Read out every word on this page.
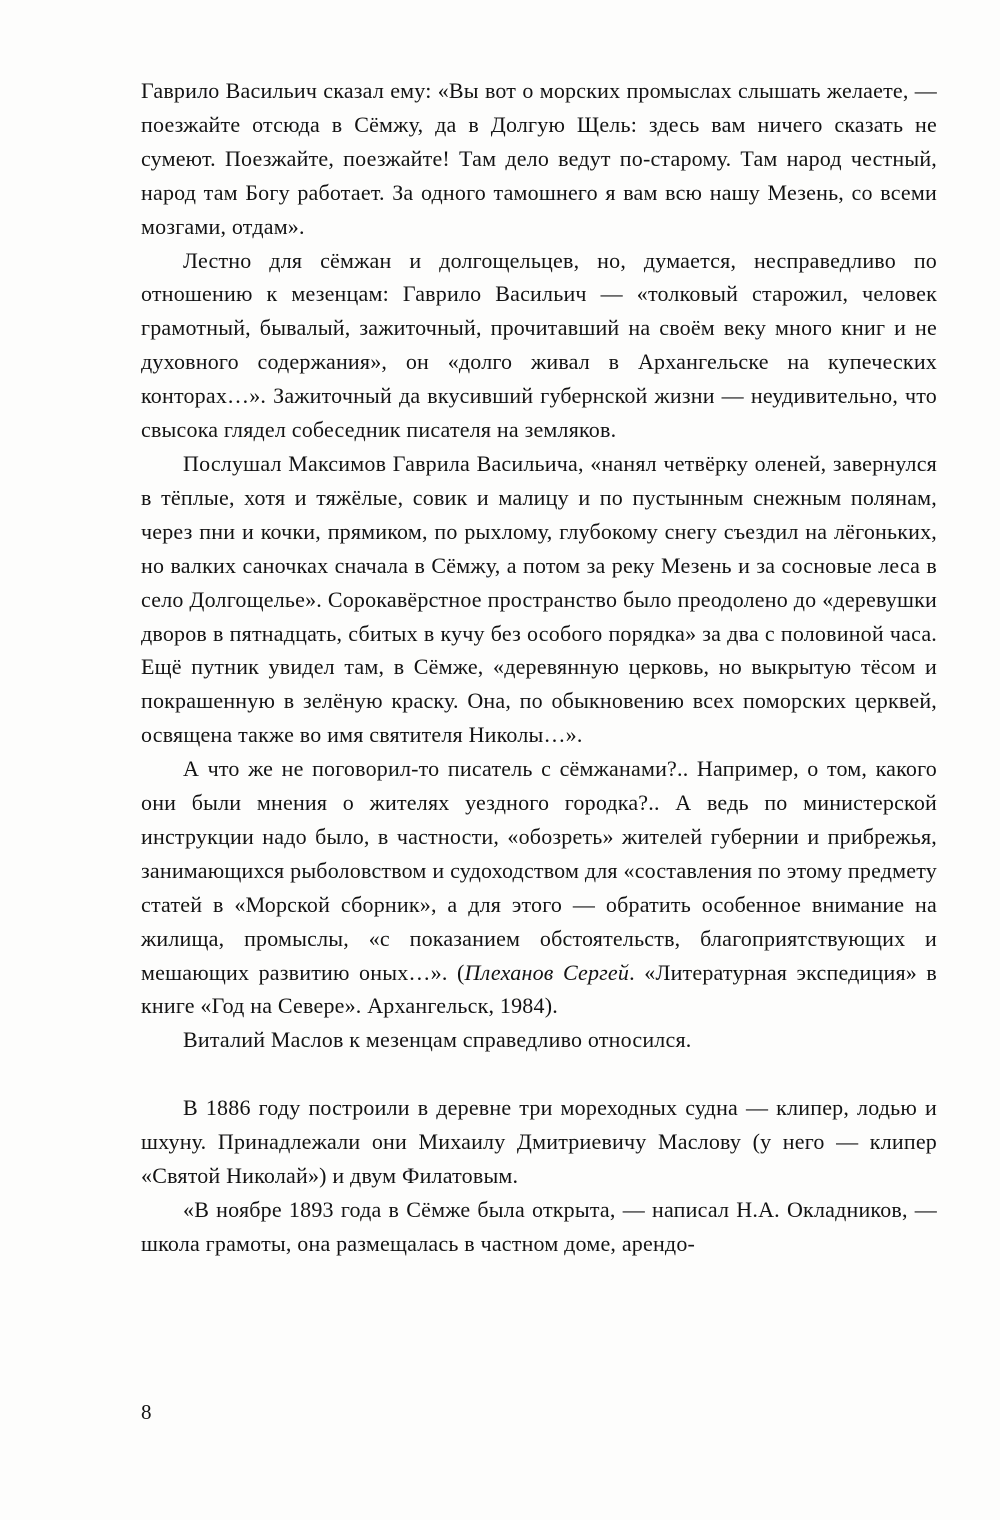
Гаврило Васильич сказал ему: «Вы вот о морских промыслах слышать желаете, — поезжайте отсюда в Сёмжу, да в Долгую Щель: здесь вам ничего сказать не сумеют. Поезжайте, поезжайте! Там дело ведут по-старому. Там народ честный, народ там Богу работает. За одного тамошнего я вам всю нашу Мезень, со всеми мозгами, отдам».

Лестно для сёмжан и долгощельцев, но, думается, несправедливо по отношению к мезенцам: Гаврило Васильич — «толковый старожил, человек грамотный, бывалый, зажиточный, прочитавший на своём веку много книг и не духовного содержания», он «долго живал в Архангельске на купеческих конторах…». Зажиточный да вкусивший губернской жизни — неудивительно, что свысока глядел собеседник писателя на земляков.

Послушал Максимов Гаврила Васильича, «нанял четвёрку оленей, завернулся в тёплые, хотя и тяжёлые, совик и малицу и по пустынным снежным полянам, через пни и кочки, прямиком, по рыхлому, глубокому снегу съездил на лёгоньких, но валких саночках сначала в Сёмжу, а потом за реку Мезень и за сосновые леса в село Долгощелье». Сорокавёрстное пространство было преодолено до «деревушки дворов в пятнадцать, сбитых в кучу без особого порядка» за два с половиной часа. Ещё путник увидел там, в Сёмже, «деревянную церковь, но выкрытую тёсом и покрашенную в зелёную краску. Она, по обыкновению всех поморских церквей, освящена также во имя святителя Николы…».

А что же не поговорил-то писатель с сёмжанами?.. Например, о том, какого они были мнения о жителях уездного городка?.. А ведь по министерской инструкции надо было, в частности, «обозреть» жителей губернии и прибрежья, занимающихся рыболовством и судоходством для «составления по этому предмету статей в «Морской сборник», а для этого — обратить особенное внимание на жилища, промыслы, «с показанием обстоятельств, благоприятствующих и мешающих развитию оных…». (Плеханов Сергей. «Литературная экспедиция» в книге «Год на Севере». Архангельск, 1984).

Виталий Маслов к мезенцам справедливо относился.

В 1886 году построили в деревне три мореходных судна — клипер, лодью и шхуну. Принадлежали они Михаилу Дмитриевичу Маслову (у него — клипер «Святой Николай») и двум Филатовым.

«В ноябре 1893 года в Сёмже была открыта, — написал Н.А. Окладников, — школа грамоты, она размещалась в частном доме, арендо-

8
